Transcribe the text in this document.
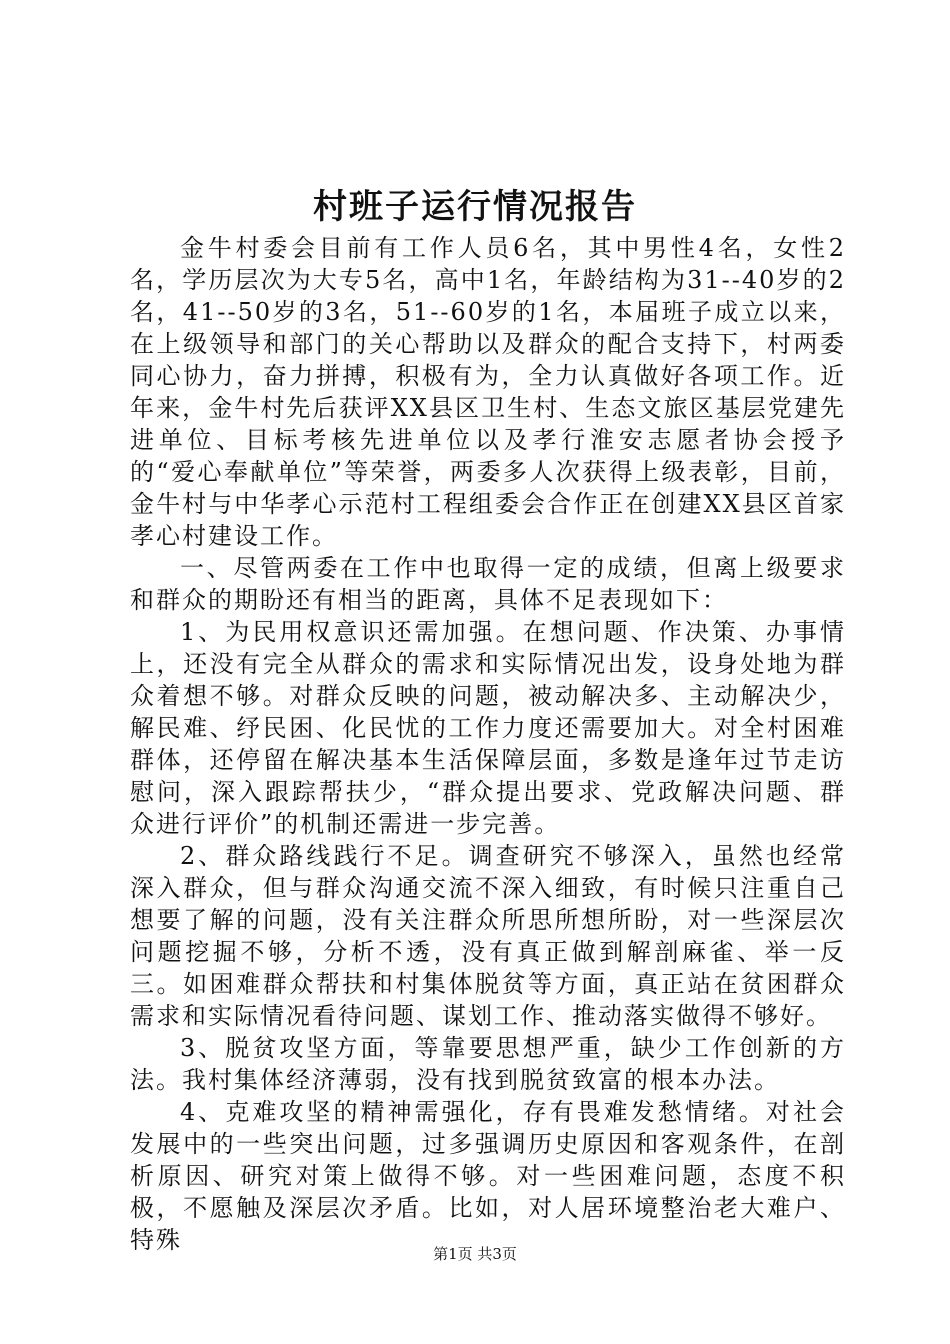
村班子运行情况报告

金牛村委会目前有工作人员6名，其中男性4名，女性2名，学历层次为大专5名，高中1名，年龄结构为31--40岁的2名，41--50岁的3名，51--60岁的1名，本届班子成立以来，在上级领导和部门的关心帮助以及群众的配合支持下，村两委同心协力，奋力拼搏，积极有为，全力认真做好各项工作。近年来，金牛村先后获评XX县区卫生村、生态文旅区基层党建先进单位、目标考核先进单位以及孝行淮安志愿者协会授予的“爱心奉献单位”等荣誉，两委多人次获得上级表彰，目前，金牛村与中华孝心示范村工程组委会合作正在创建XX县区首家孝心村建设工作。

一、尽管两委在工作中也取得一定的成绩，但离上级要求和群众的期盼还有相当的距离，具体不足表现如下：

1、为民用权意识还需加强。在想问题、作决策、办事情上，还没有完全从群众的需求和实际情况出发，设身处地为群众着想不够。对群众反映的问题，被动解决多、主动解决少，解民难、纾民困、化民忧的工作力度还需要加大。对全村困难群体，还停留在解决基本生活保障层面，多数是逢年过节走访慰问，深入跟踪帮扶少，“群众提出要求、党政解决问题、群众进行评价”的机制还需进一步完善。

2、群众路线践行不足。调查研究不够深入，虽然也经常深入群众，但与群众沟通交流不深入细致，有时候只注重自己想要了解的问题，没有关注群众所思所想所盼，对一些深层次问题挖掘不够，分析不透，没有真正做到解剖麻雀、举一反三。如困难群众帮扶和村集体脱贫等方面，真正站在贫困群众需求和实际情况看待问题、谋划工作、推动落实做得不够好。

3、脱贫攻坚方面，等靠要思想严重，缺少工作创新的方法。我村集体经济薄弱，没有找到脱贫致富的根本办法。

4、克难攻坚的精神需强化，存有畏难发愁情绪。对社会发展中的一些突出问题，过多强调历史原因和客观条件，在剖析原因、研究对策上做得不够。对一些困难问题，态度不积极，不愿触及深层次矛盾。比如，对人居环境整治老大难户、特殊	第1页 共3页
